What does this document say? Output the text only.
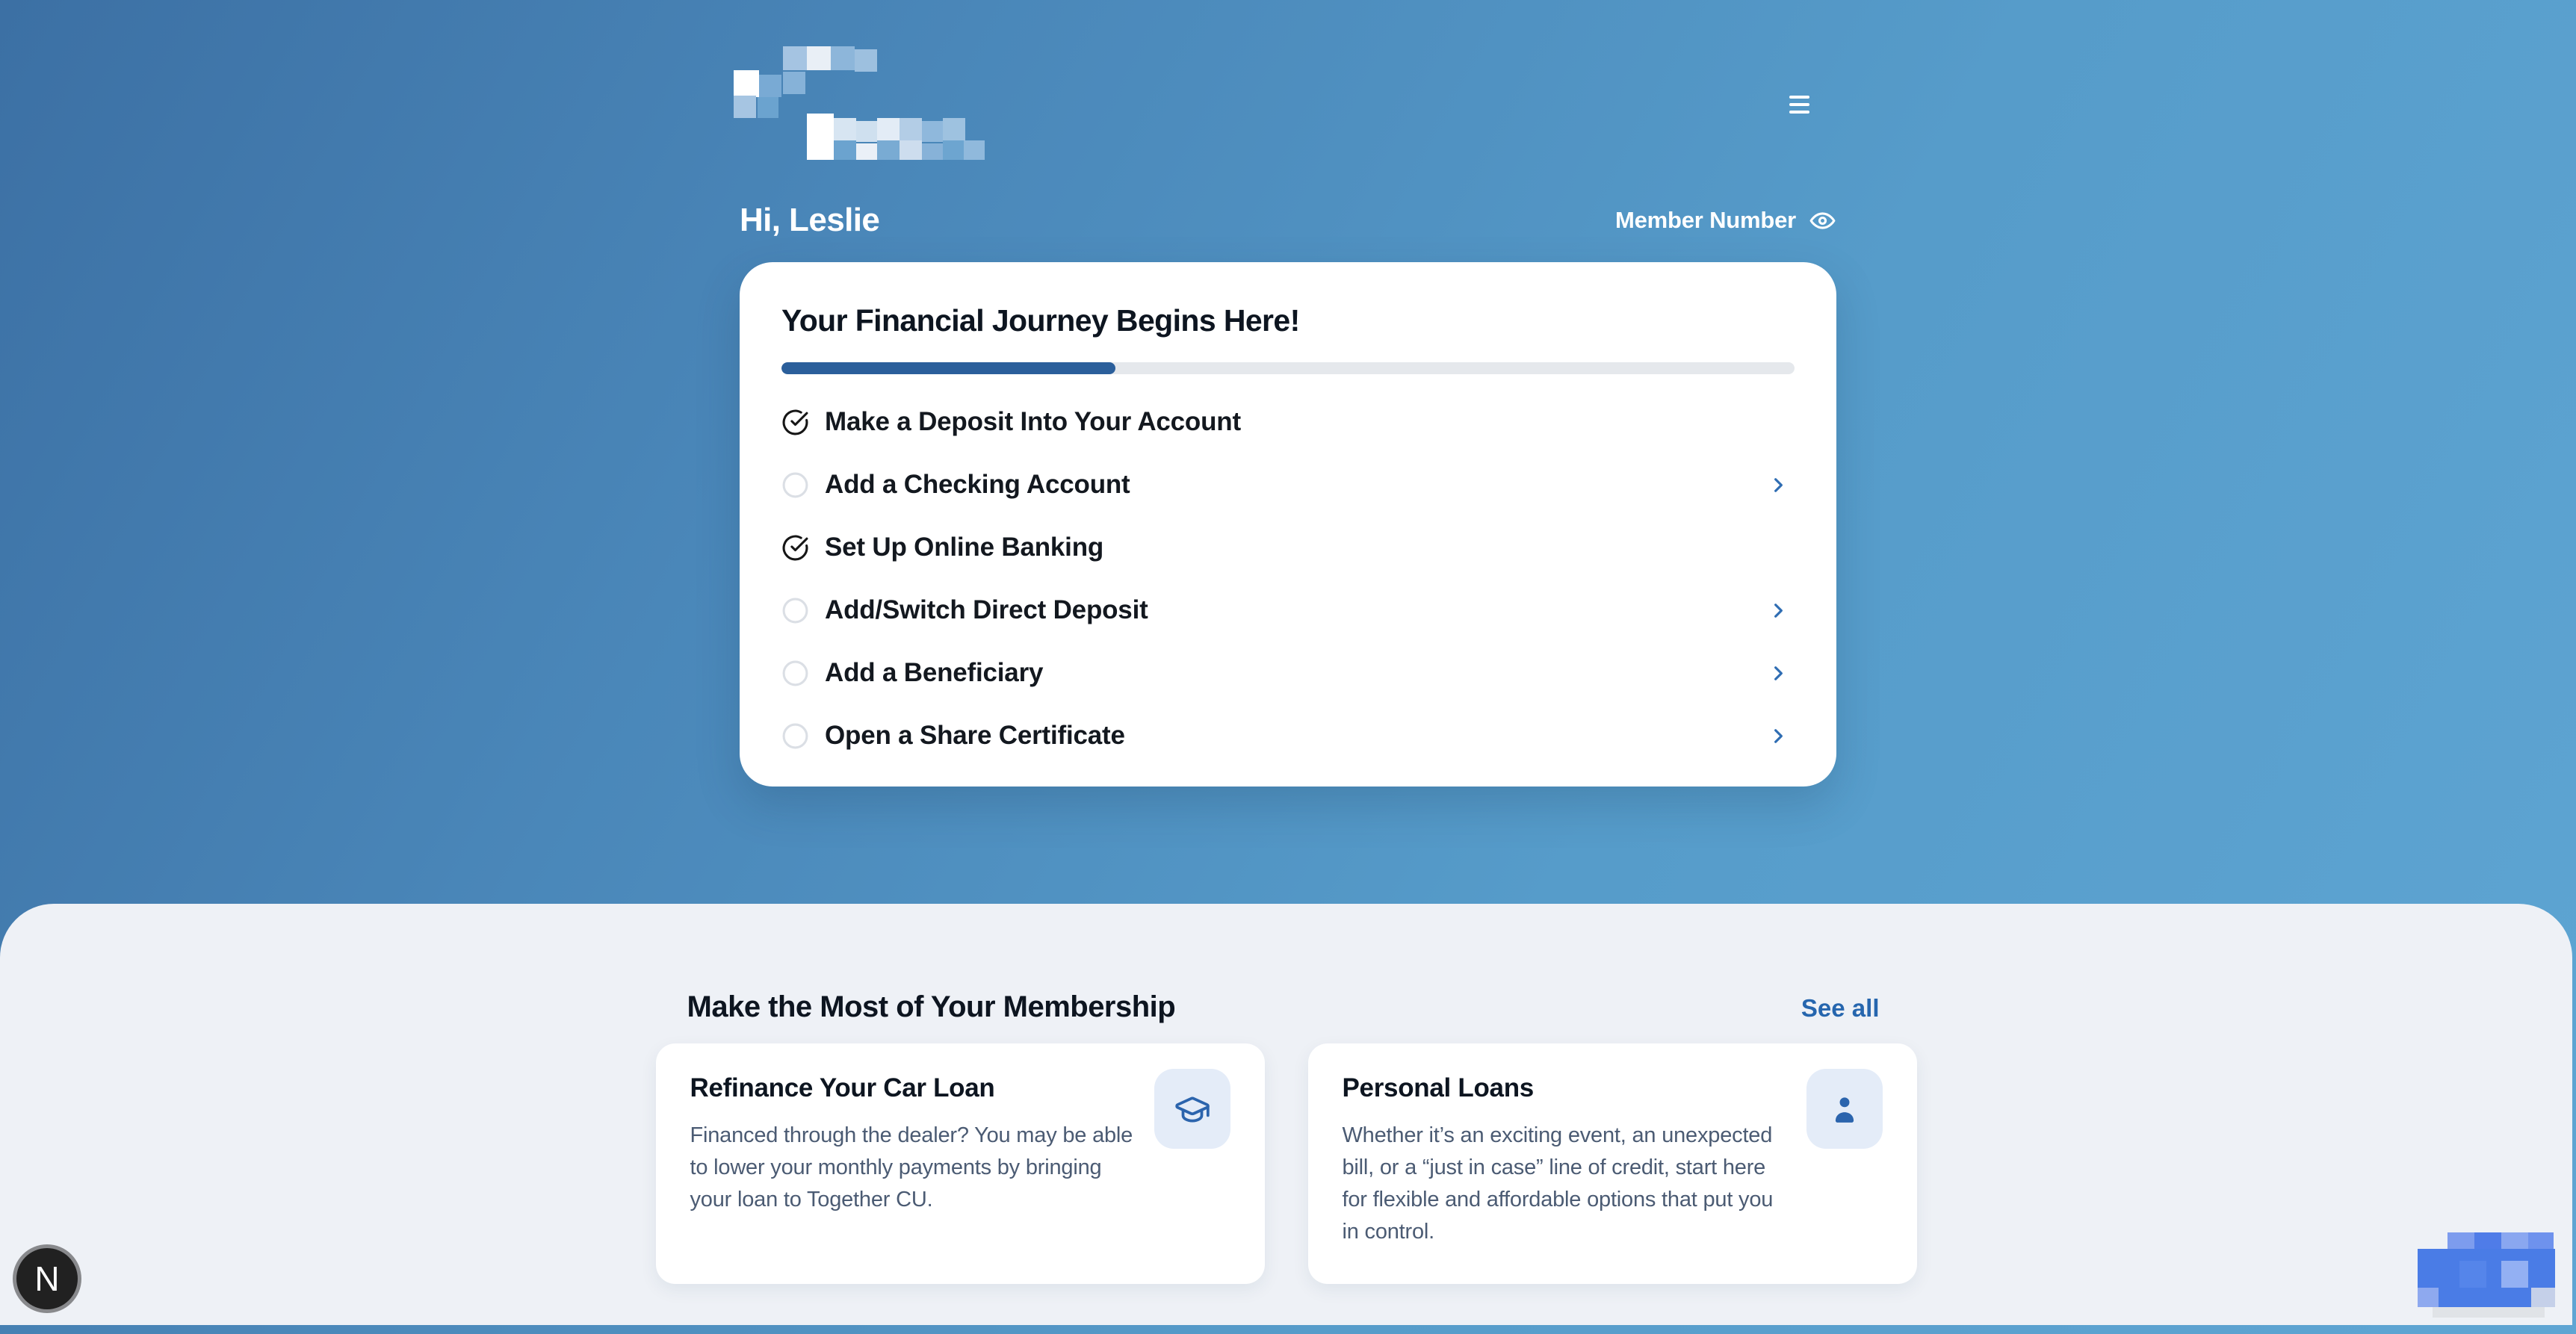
Hi, Leslie	Member Number
Your Financial Journey Begins Here!
Make a Deposit Into Your Account
Add a Checking Account
Set Up Online Banking
Add/Switch Direct Deposit
Add a Beneficiary
Open a Share Certificate
Make the Most of Your Membership	See all
Refinance Your Car Loan

Financed through the dealer? You may be able to lower your monthly payments by bringing your loan to Together CU.

Personal Loans

Whether it’s an exciting event, an unexpected bill, or a “just in case” line of credit, start here for flexible and affordable options that put you in control.

N
